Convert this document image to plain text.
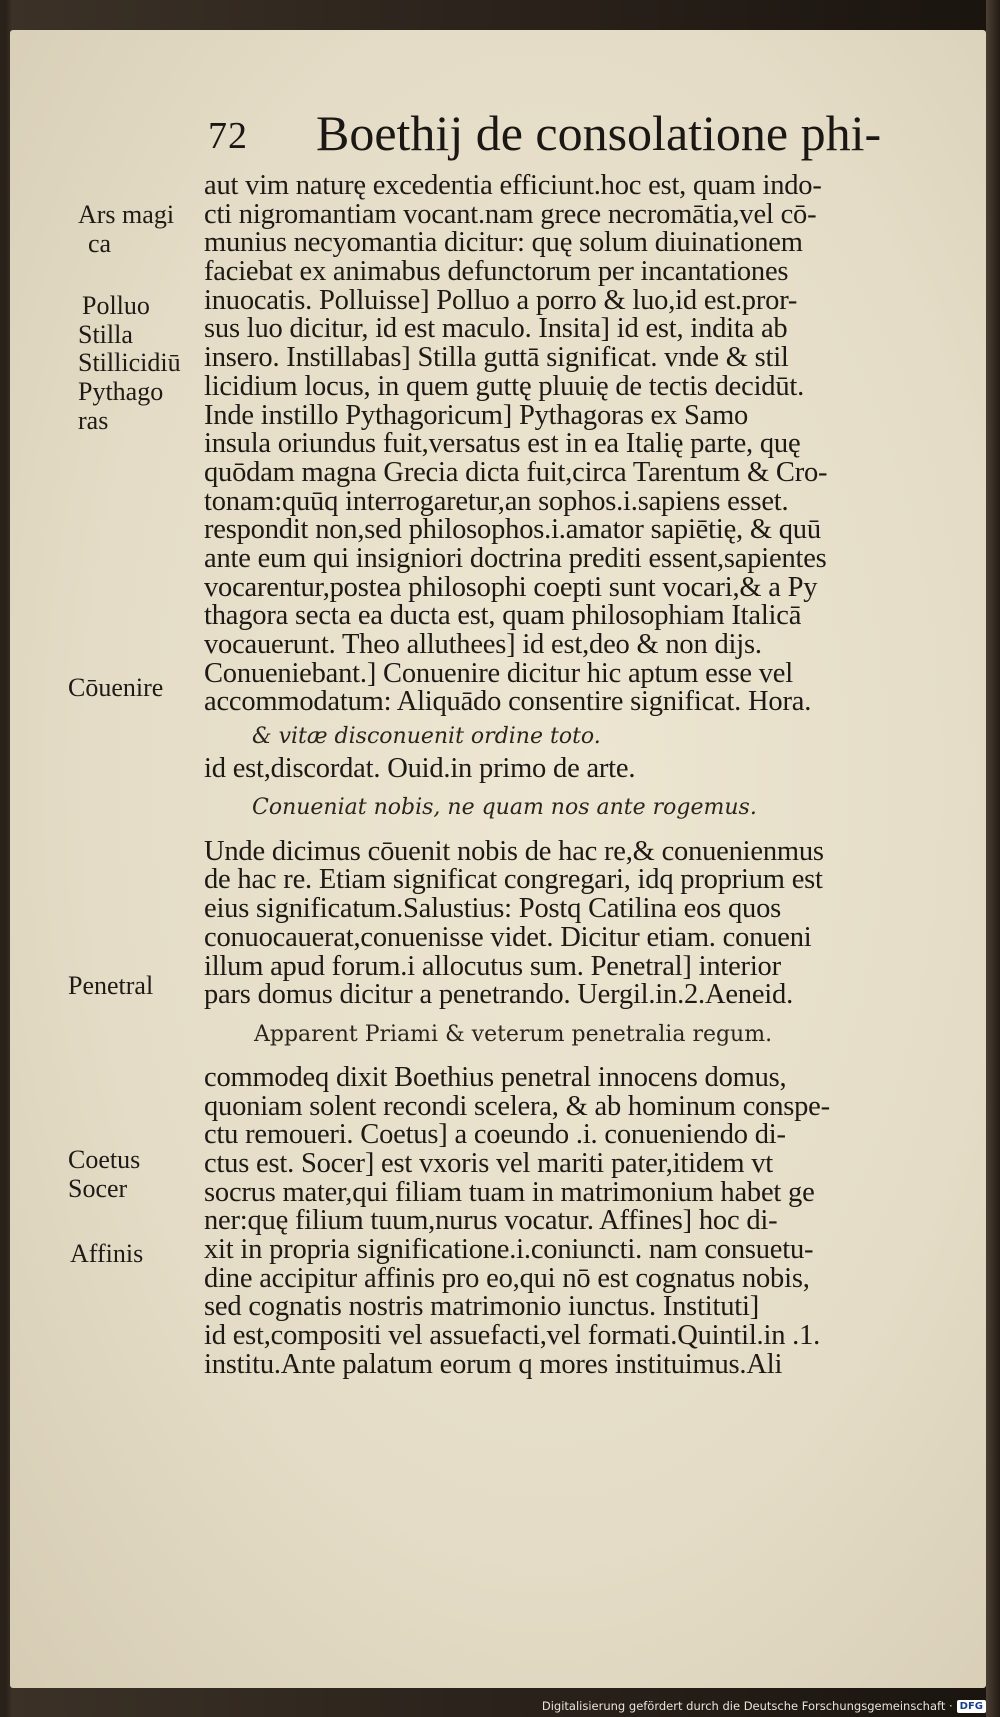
72 Boethij de consolatione phi-
Ars magi
ca
Polluo
Stilla
Stillicidiū
Pythago
ras
Cōuenire
Penetral
Coetus
Socer
Affinis
aut vim naturę excedentia efficiunt.hoc est, quam indo-
cti nigromantiam vocant.nam grece necromātia,vel cō-
munius necyomantia dicitur: quę solum diuinationem
faciebat ex animabus defunctorum per incantationes
inuocatis. Polluisse] Polluo a porro & luo,id est.pror-
sus luo dicitur, id est maculo. Insita] id est, indita ab
insero. Instillabas] Stilla guttā significat. vnde & stil
licidium locus, in quem guttę pluuię de tectis decidūt.
Inde instillo Pythagoricum] Pythagoras ex Samo
insula oriundus fuit,versatus est in ea Italię parte, quę
quōdam magna Grecia dicta fuit,circa Tarentum & Cro-
tonam:quūq interrogaretur,an sophos.i.sapiens esset.
respondit non,sed philosophos.i.amator sapiētię, & quū
ante eum qui insigniori doctrina prediti essent,sapientes
vocarentur,postea philosophi coepti sunt vocari,& a Py
thagora secta ea ducta est, quam philosophiam Italicā
vocauerunt. Theo alluthees] id est,deo & non dijs.
Conueniebant.] Conuenire dicitur hic aptum esse vel
accommodatum: Aliquādo consentire significat. Hora.
& vitæ disconuenit ordine toto.
id est,discordat. Ouid.in primo de arte.
Conueniat nobis, ne quam nos ante rogemus.
Unde dicimus cōuenit nobis de hac re,& conuenienmus
de hac re. Etiam significat congregari, idq proprium est
eius significatum.Salustius: Postq Catilina eos quos
conuocauerat,conuenisse videt. Dicitur etiam. conueni
illum apud forum.i allocutus sum. Penetral] interior
pars domus dicitur a penetrando. Uergil.in.2.Aeneid.
Apparent Priami & veterum penetralia regum.
commodeq dixit Boethius penetral innocens domus,
quoniam solent recondi scelera, & ab hominum conspe-
ctu remoueri. Coetus] a coeundo .i. conueniendo di-
ctus est. Socer] est vxoris vel mariti pater,itidem vt
socrus mater,qui filiam tuam in matrimonium habet ge
ner:quę filium tuum,nurus vocatur. Affines] hoc di-
xit in propria significatione.i.coniuncti. nam consuetu-
dine accipitur affinis pro eo,qui nō est cognatus nobis,
sed cognatis nostris matrimonio iunctus. Instituti]
id est,compositi vel assuefacti,vel formati.Quintil.in .1.
institu.Ante palatum eorum q mores instituimus.Ali
Digitalisierung gefördert durch die Deutsche Forschungsgemeinschaft · DFG
